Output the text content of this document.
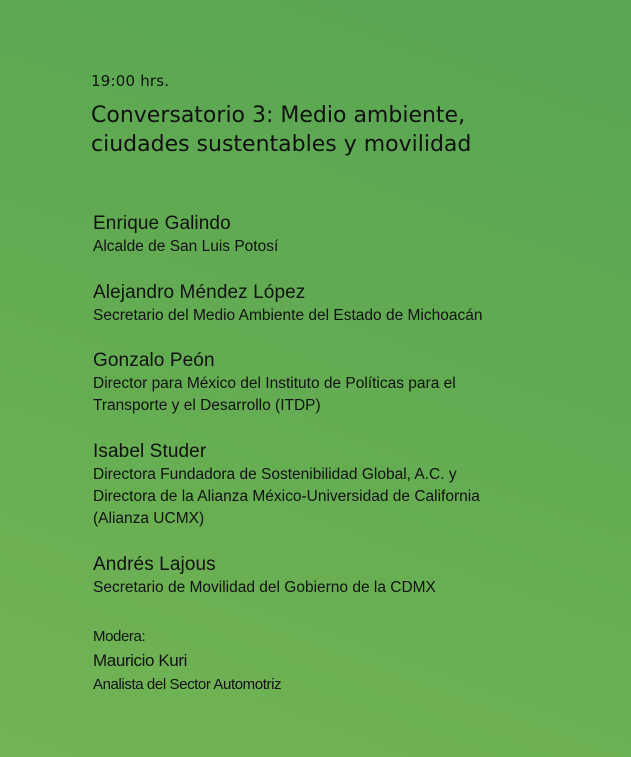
19:00 hrs.
Conversatorio 3: Medio ambiente,
ciudades sustentables y movilidad
Enrique Galindo
Alcalde de San Luis Potosí
Alejandro Méndez López
Secretario del Medio Ambiente del Estado de Michoacán
Gonzalo Peón
Director para México del Instituto de Políticas para el
Transporte y el Desarrollo (ITDP)
Isabel Studer
Directora Fundadora de Sostenibilidad Global, A.C. y
Directora de la Alianza México-Universidad de California
(Alianza UCMX)
Andrés Lajous
Secretario de Movilidad del Gobierno de la CDMX
Modera:
Mauricio Kuri
Analista del Sector Automotriz
